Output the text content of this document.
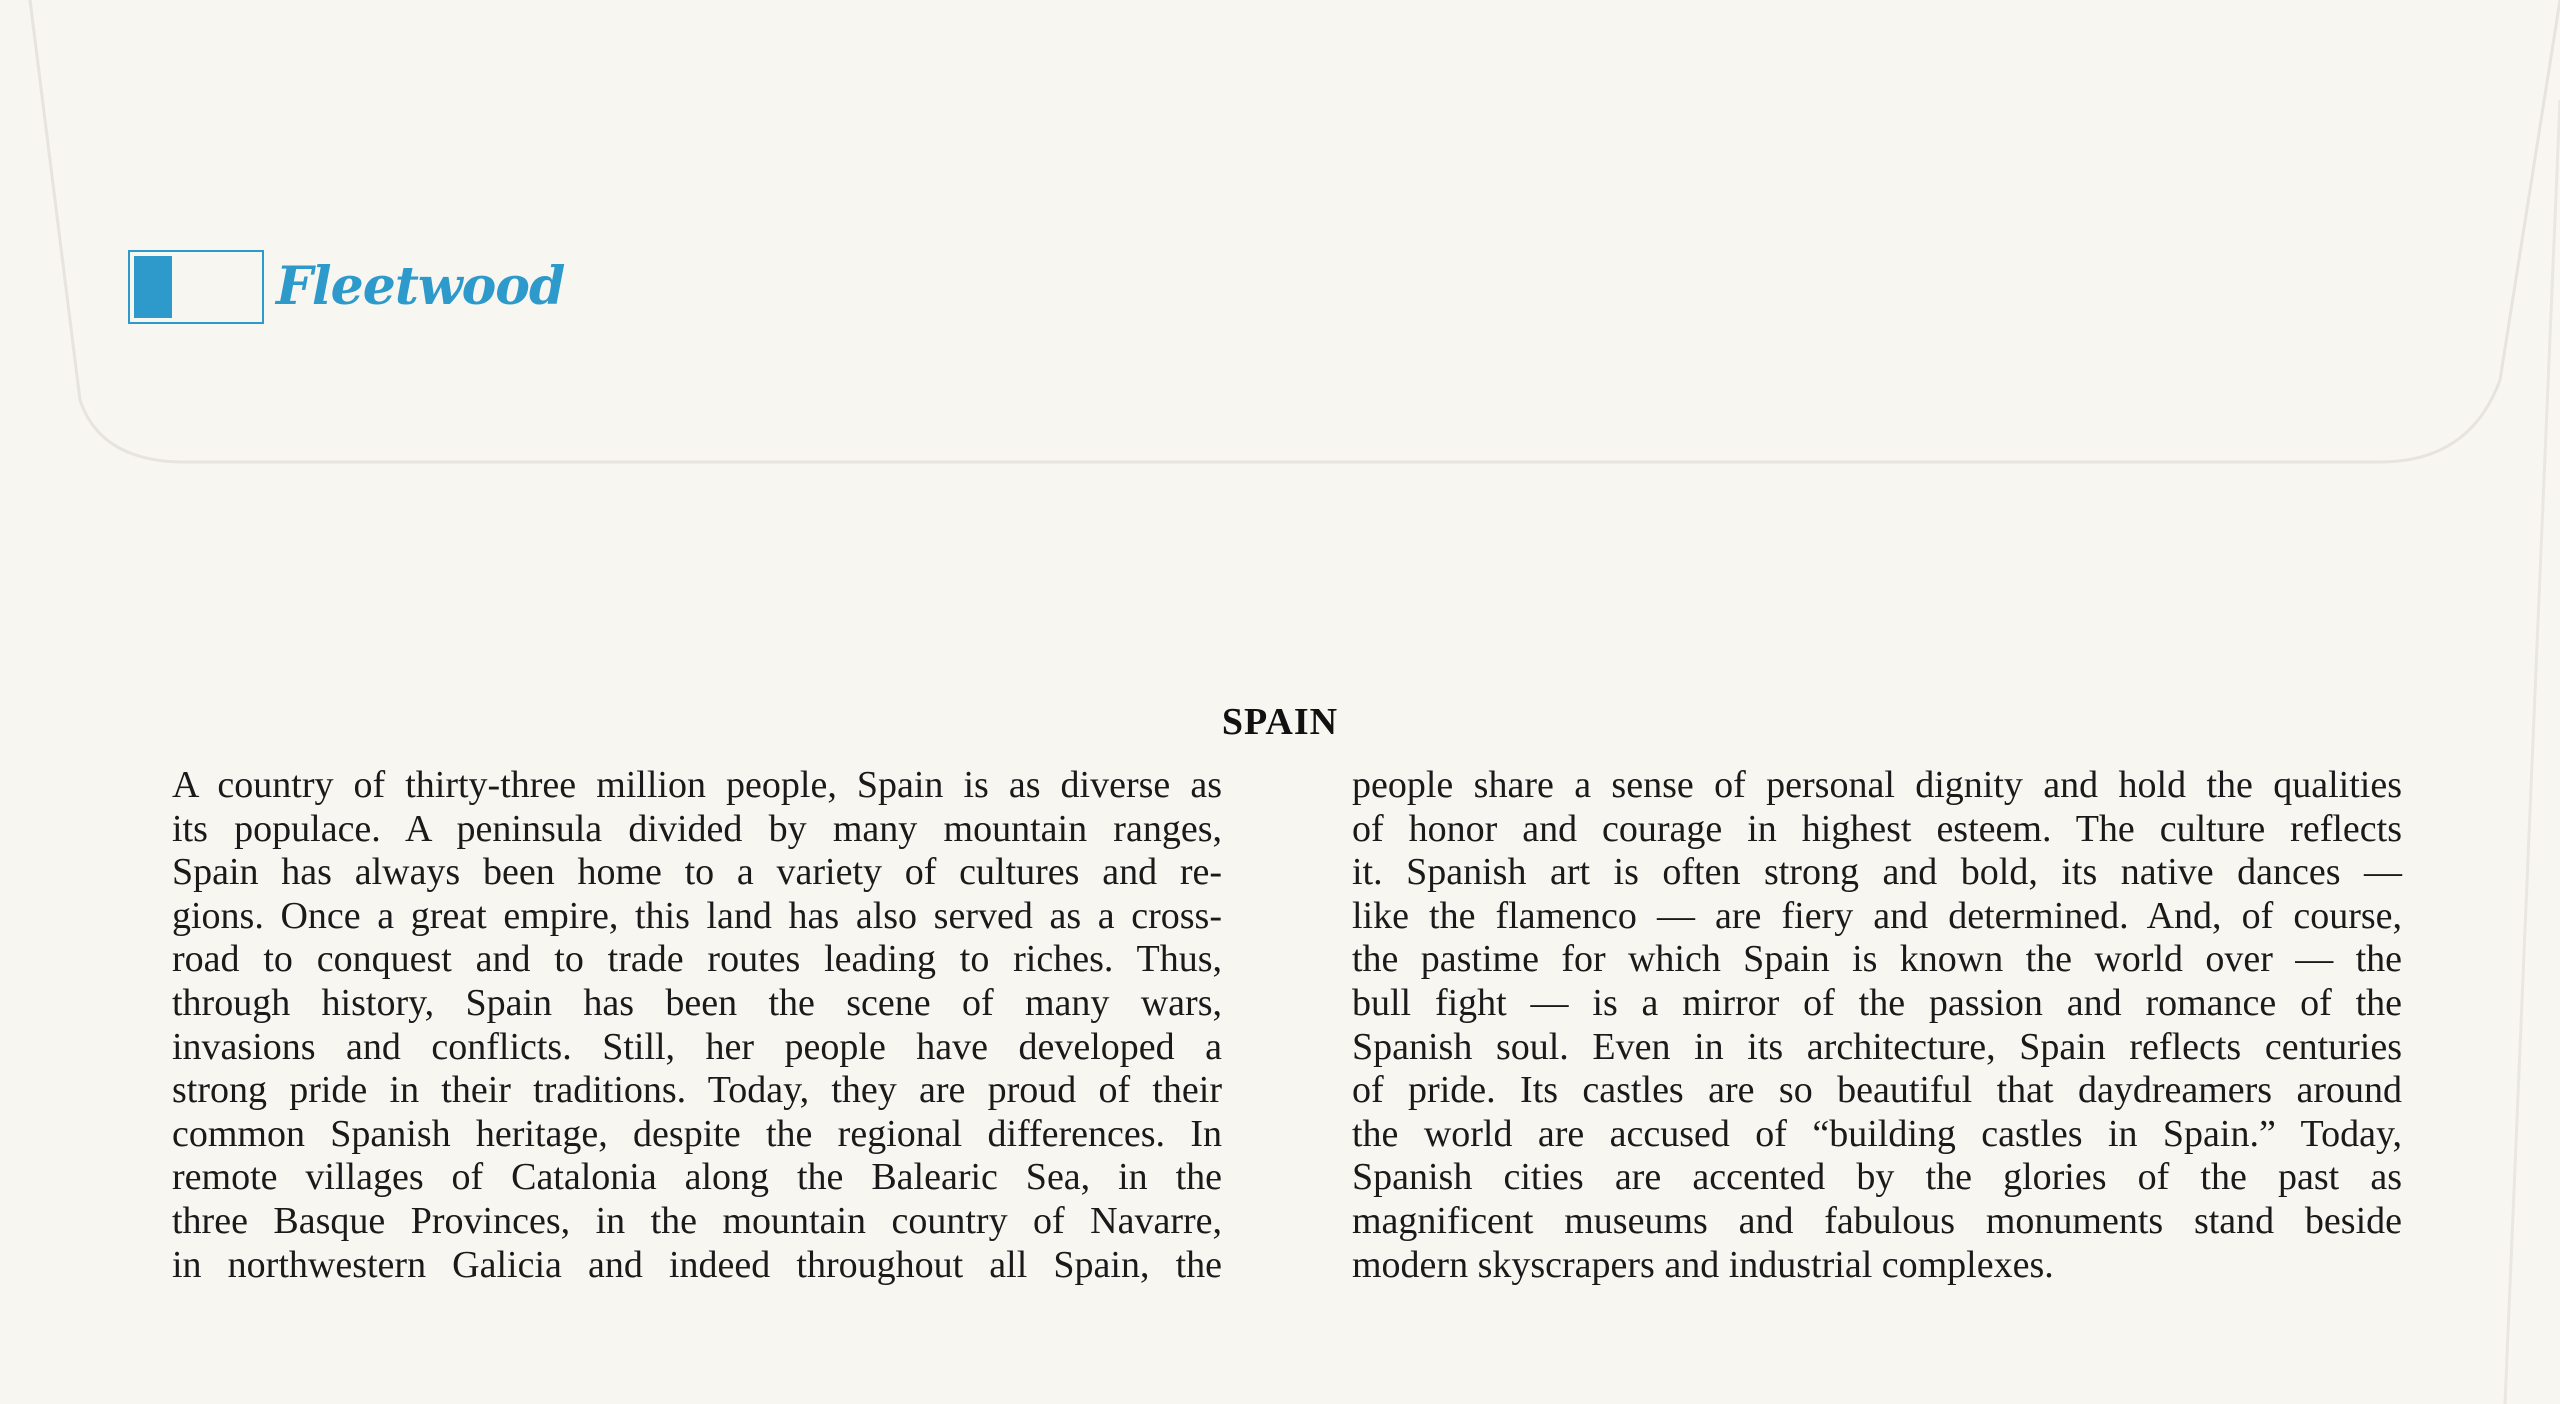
Fleetwood
SPAIN
A country of thirty-three million people, Spain is as diverse as
its populace. A peninsula divided by many mountain ranges,
Spain has always been home to a variety of cultures and re-
gions. Once a great empire, this land has also served as a cross-
road to conquest and to trade routes leading to riches. Thus,
through history, Spain has been the scene of many wars,
invasions and conflicts. Still, her people have developed a
strong pride in their traditions. Today, they are proud of their
common Spanish heritage, despite the regional differences. In
remote villages of Catalonia along the Balearic Sea, in the
three Basque Provinces, in the mountain country of Navarre,
in northwestern Galicia and indeed throughout all Spain, the
people share a sense of personal dignity and hold the qualities
of honor and courage in highest esteem. The culture reflects
it. Spanish art is often strong and bold, its native dances —
like the flamenco — are fiery and determined. And, of course,
the pastime for which Spain is known the world over — the
bull fight — is a mirror of the passion and romance of the
Spanish soul. Even in its architecture, Spain reflects centuries
of pride. Its castles are so beautiful that daydreamers around
the world are accused of “building castles in Spain.” Today,
Spanish cities are accented by the glories of the past as
magnificent museums and fabulous monuments stand beside
modern skyscrapers and industrial complexes.
